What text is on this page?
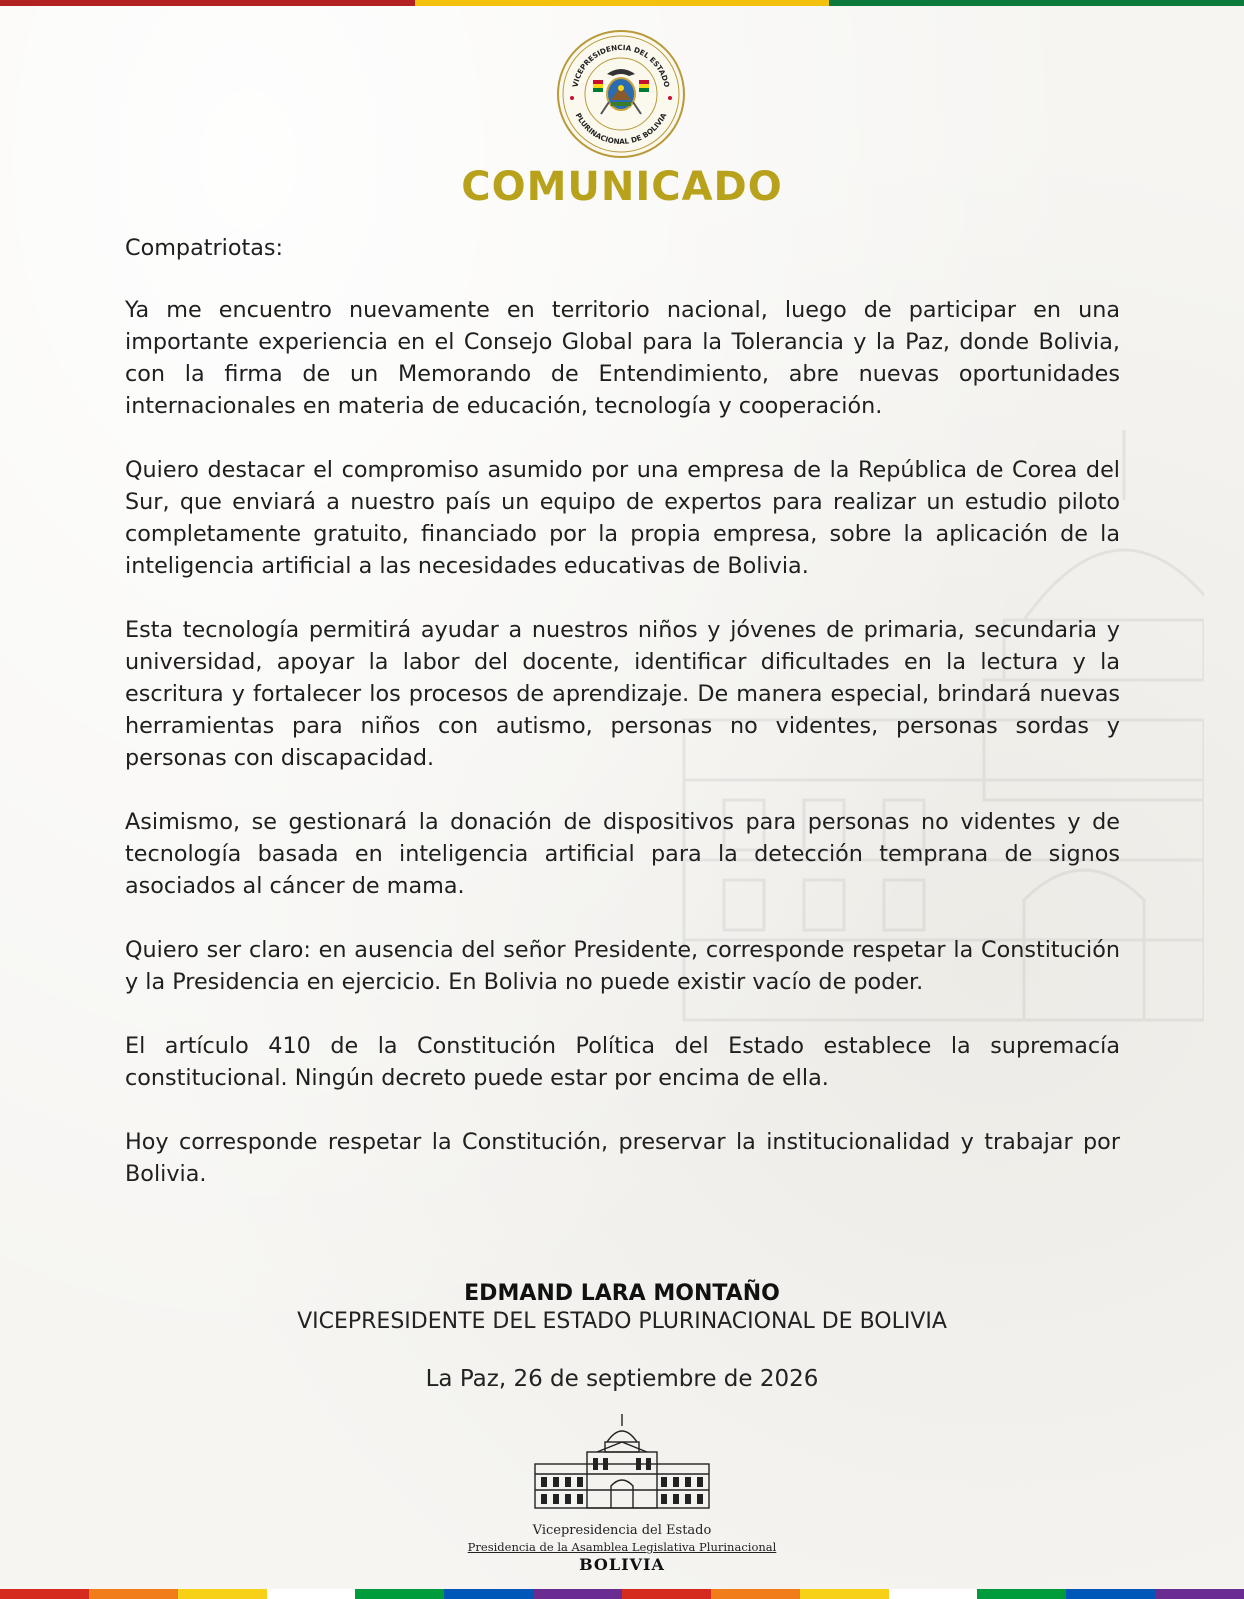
VICEPRESIDENCIA DEL ESTADO
PLURINACIONAL DE BOLIVIA
COMUNICADO

Compatriotas:

Ya me encuentro nuevamente en territorio nacional, luego de participar en una importante experiencia en el Consejo Global para la Tolerancia y la Paz, donde Bolivia, con la firma de un Memorando de Entendimiento, abre nuevas oportunidades internacionales en materia de educación, tecnología y cooperación.

Quiero destacar el compromiso asumido por una empresa de la República de Corea del Sur, que enviará a nuestro país un equipo de expertos para realizar un estudio piloto completamente gratuito, financiado por la propia empresa, sobre la aplicación de la inteligencia artificial a las necesidades educativas de Bolivia.

Esta tecnología permitirá ayudar a nuestros niños y jóvenes de primaria, secundaria y universidad, apoyar la labor del docente, identificar dificultades en la lectura y la escritura y fortalecer los procesos de aprendizaje. De manera especial, brindará nuevas herramientas para niños con autismo, personas no videntes, personas sordas y personas con discapacidad.

Asimismo, se gestionará la donación de dispositivos para personas no videntes y de tecnología basada en inteligencia artificial para la detección temprana de signos asociados al cáncer de mama.

Quiero ser claro: en ausencia del señor Presidente, corresponde respetar la Constitución y la Presidencia en ejercicio. En Bolivia no puede existir vacío de poder.

El artículo 410 de la Constitución Política del Estado establece la supremacía constitucional. Ningún decreto puede estar por encima de ella.

Hoy corresponde respetar la Constitución, preservar la institucionalidad y trabajar por Bolivia.

EDMAND LARA MONTAÑO
VICEPRESIDENTE DEL ESTADO PLURINACIONAL DE BOLIVIA
La Paz, 26 de septiembre de 2026
Vicepresidencia del Estado
Presidencia de la Asamblea Legislativa Plurinacional
BOLIVIA
